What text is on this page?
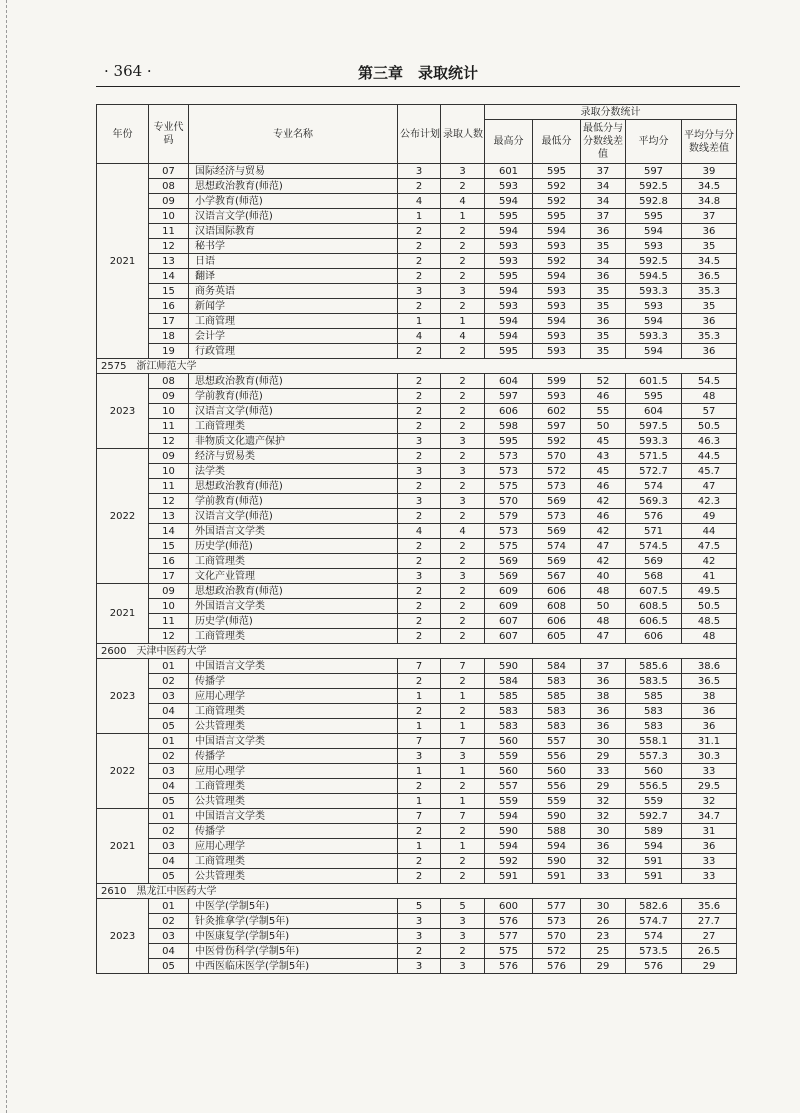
· 364 ·	第三章　录取统计
年份	专业代码	专业名称	公布计划	录取人数	录取分数统计				
					最高分	最低分	最低分与分数线差值	平均分	平均分与分数线差值
2021	07	国际经济与贸易	3	3	601	595	37	597	39
	08	思想政治教育(师范)	2	2	593	592	34	592.5	34.5
	09	小学教育(师范)	4	4	594	592	34	592.8	34.8
	10	汉语言文学(师范)	1	1	595	595	37	595	37
	11	汉语国际教育	2	2	594	594	36	594	36
	12	秘书学	2	2	593	593	35	593	35
	13	日语	2	2	593	592	34	592.5	34.5
	14	翻译	2	2	595	594	36	594.5	36.5
	15	商务英语	3	3	594	593	35	593.3	35.3
	16	新闻学	2	2	593	593	35	593	35
	17	工商管理	1	1	594	594	36	594	36
	18	会计学	4	4	594	593	35	593.3	35.3
	19	行政管理	2	2	595	593	35	594	36
2575　浙江师范大学									
2023	08	思想政治教育(师范)	2	2	604	599	52	601.5	54.5
	09	学前教育(师范)	2	2	597	593	46	595	48
	10	汉语言文学(师范)	2	2	606	602	55	604	57
	11	工商管理类	2	2	598	597	50	597.5	50.5
	12	非物质文化遗产保护	3	3	595	592	45	593.3	46.3
2022	09	经济与贸易类	2	2	573	570	43	571.5	44.5
	10	法学类	3	3	573	572	45	572.7	45.7
	11	思想政治教育(师范)	2	2	575	573	46	574	47
	12	学前教育(师范)	3	3	570	569	42	569.3	42.3
	13	汉语言文学(师范)	2	2	579	573	46	576	49
	14	外国语言文学类	4	4	573	569	42	571	44
	15	历史学(师范)	2	2	575	574	47	574.5	47.5
	16	工商管理类	2	2	569	569	42	569	42
	17	文化产业管理	3	3	569	567	40	568	41
2021	09	思想政治教育(师范)	2	2	609	606	48	607.5	49.5
	10	外国语言文学类	2	2	609	608	50	608.5	50.5
	11	历史学(师范)	2	2	607	606	48	606.5	48.5
	12	工商管理类	2	2	607	605	47	606	48
2600　天津中医药大学									
2023	01	中国语言文学类	7	7	590	584	37	585.6	38.6
	02	传播学	2	2	584	583	36	583.5	36.5
	03	应用心理学	1	1	585	585	38	585	38
	04	工商管理类	2	2	583	583	36	583	36
	05	公共管理类	1	1	583	583	36	583	36
2022	01	中国语言文学类	7	7	560	557	30	558.1	31.1
	02	传播学	3	3	559	556	29	557.3	30.3
	03	应用心理学	1	1	560	560	33	560	33
	04	工商管理类	2	2	557	556	29	556.5	29.5
	05	公共管理类	1	1	559	559	32	559	32
2021	01	中国语言文学类	7	7	594	590	32	592.7	34.7
	02	传播学	2	2	590	588	30	589	31
	03	应用心理学	1	1	594	594	36	594	36
	04	工商管理类	2	2	592	590	32	591	33
	05	公共管理类	2	2	591	591	33	591	33
2610　黑龙江中医药大学									
2023	01	中医学(学制5年)	5	5	600	577	30	582.6	35.6
	02	针灸推拿学(学制5年)	3	3	576	573	26	574.7	27.7
	03	中医康复学(学制5年)	3	3	577	570	23	574	27
	04	中医骨伤科学(学制5年)	2	2	575	572	25	573.5	26.5
	05	中西医临床医学(学制5年)	3	3	576	576	29	576	29
